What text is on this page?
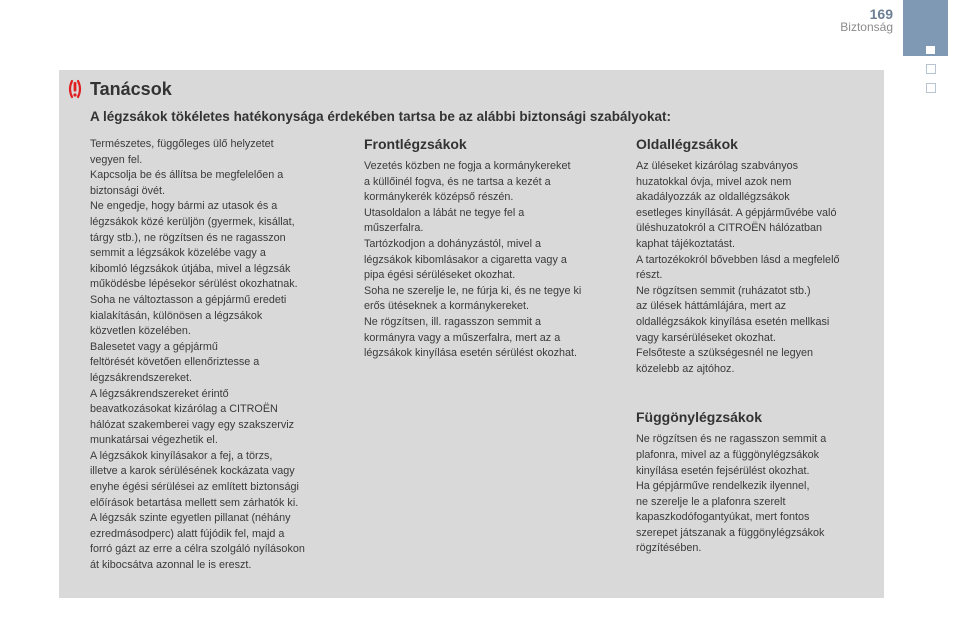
169
Biztonság
Tanácsok
A légzsákok tökéletes hatékonysága érdekében tartsa be az alábbi biztonsági szabályokat:

Természetes, függőleges ülő helyzetet
vegyen fel.
Kapcsolja be és állítsa be megfelelően a
biztonsági övét.
Ne engedje, hogy bármi az utasok és a
légzsákok közé kerüljön (gyermek, kisállat,
tárgy stb.), ne rögzítsen és ne ragasszon
semmit a légzsákok közelébe vagy a
kibomló légzsákok útjába, mivel a légzsák
működésbe lépésekor sérülést okozhatnak.
Soha ne változtasson a gépjármű eredeti
kialakításán, különösen a légzsákok
közvetlen közelében.
Balesetet vagy a gépjármű
feltörését követően ellenőriztesse a
légzsákrendszereket.
A légzsákrendszereket érintő
beavatkozásokat kizárólag a CITROËN
hálózat szakemberei vagy egy szakszerviz
munkatársai végezhetik el.
A légzsákok kinyílásakor a fej, a törzs,
illetve a karok sérülésének kockázata vagy
enyhe égési sérülései az említett biztonsági
előírások betartása mellett sem zárhatók ki.
A légzsák szinte egyetlen pillanat (néhány
ezredmásodperc) alatt fújódik fel, majd a
forró gázt az erre a célra szolgáló nyílásokon
át kibocsátva azonnal le is ereszt.

Frontlégzsákok

Vezetés közben ne fogja a kormánykereket
a küllőinél fogva, és ne tartsa a kezét a
kormánykerék középső részén.
Utasoldalon a lábát ne tegye fel a
műszerfalra.
Tartózkodjon a dohányzástól, mivel a
légzsákok kibomlásakor a cigaretta vagy a
pipa égési sérüléseket okozhat.
Soha ne szerelje le, ne fúrja ki, és ne tegye ki
erős ütéseknek a kormánykereket.
Ne rögzítsen, ill. ragasszon semmit a
kormányra vagy a műszerfalra, mert az a
légzsákok kinyílása esetén sérülést okozhat.

Oldallégzsákok

Az üléseket kizárólag szabványos
huzatokkal óvja, mivel azok nem
akadályozzák az oldallégzsákok
esetleges kinyílását. A gépjárművébe való
üléshuzatokról a CITROËN hálózatban
kaphat tájékoztatást.
A tartozékokról bővebben lásd a megfelelő
részt.
Ne rögzítsen semmit (ruházatot stb.)
az ülések háttámlájára, mert az
oldallégzsákok kinyílása esetén mellkasi
vagy karsérüléseket okozhat.
Felsőteste a szükségesnél ne legyen
közelebb az ajtóhoz.

Függönylégzsákok

Ne rögzítsen és ne ragasszon semmit a
plafonra, mivel az a függönylégzsákok
kinyílása esetén fejsérülést okozhat.
Ha gépjárműve rendelkezik ilyennel,
ne szerelje le a plafonra szerelt
kapaszkodófogantyúkat, mert fontos
szerepet játszanak a függönylégzsákok
rögzítésében.
